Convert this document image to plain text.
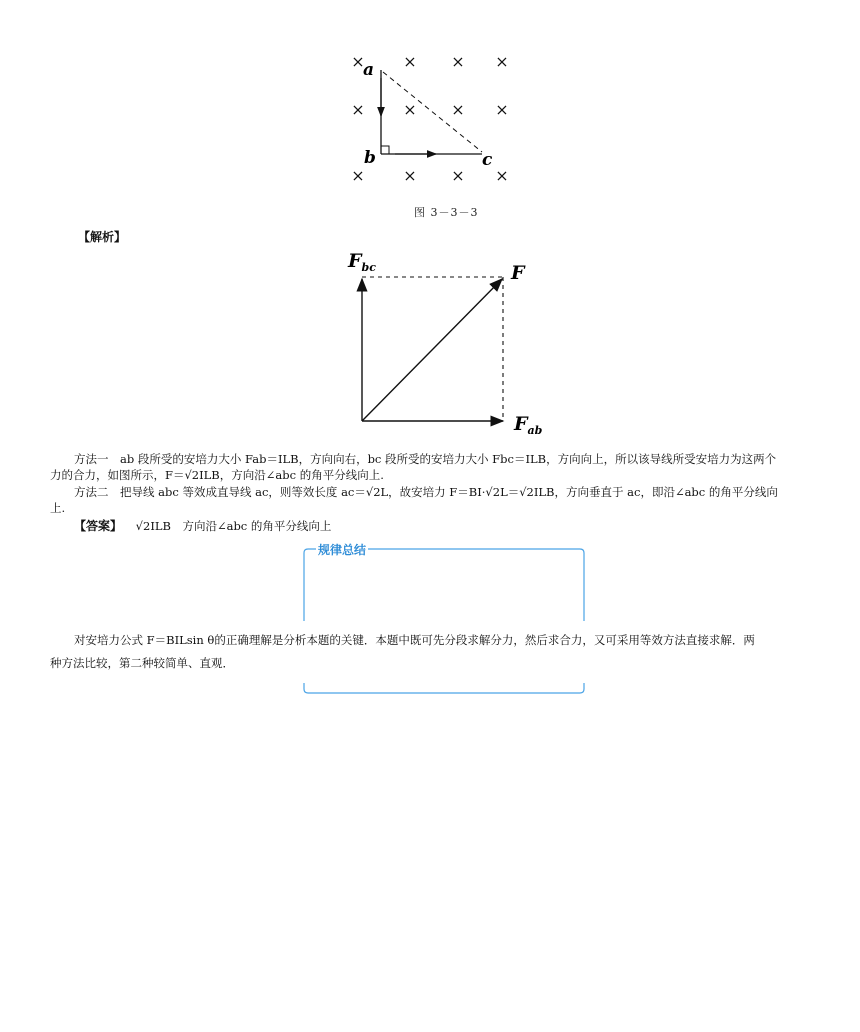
× × × ×
× × × ×
× × × ×
a
b	c
图 3－3－3
【解析】
$F_{bc}$	F
$F_{ab}$
方法一　ab 段所受的安培力大小 Fab＝ILB，方向向右，bc 段所受的安培力大小 Fbc＝ILB，方向向上，所以该导线所受安培力为这两个
力的合力，如图所示，F＝√2ILB，方向沿∠abc 的角平分线向上.
方法二　把导线 abc 等效成直导线 ac，则等效长度 ac＝√2L，故安培力 F＝BI·√2L＝√2ILB，方向垂直于 ac，即沿∠abc 的角平分线向
上.
【答案】 √2ILB　方向沿∠abc 的角平分线向上
规律总结
对安培力公式 F＝BILsin θ的正确理解是分析本题的关键．本题中既可先分段求解分力，然后求合力，又可采用等效方法直接求解．两
种方法比较，第二种较简单、直观．
